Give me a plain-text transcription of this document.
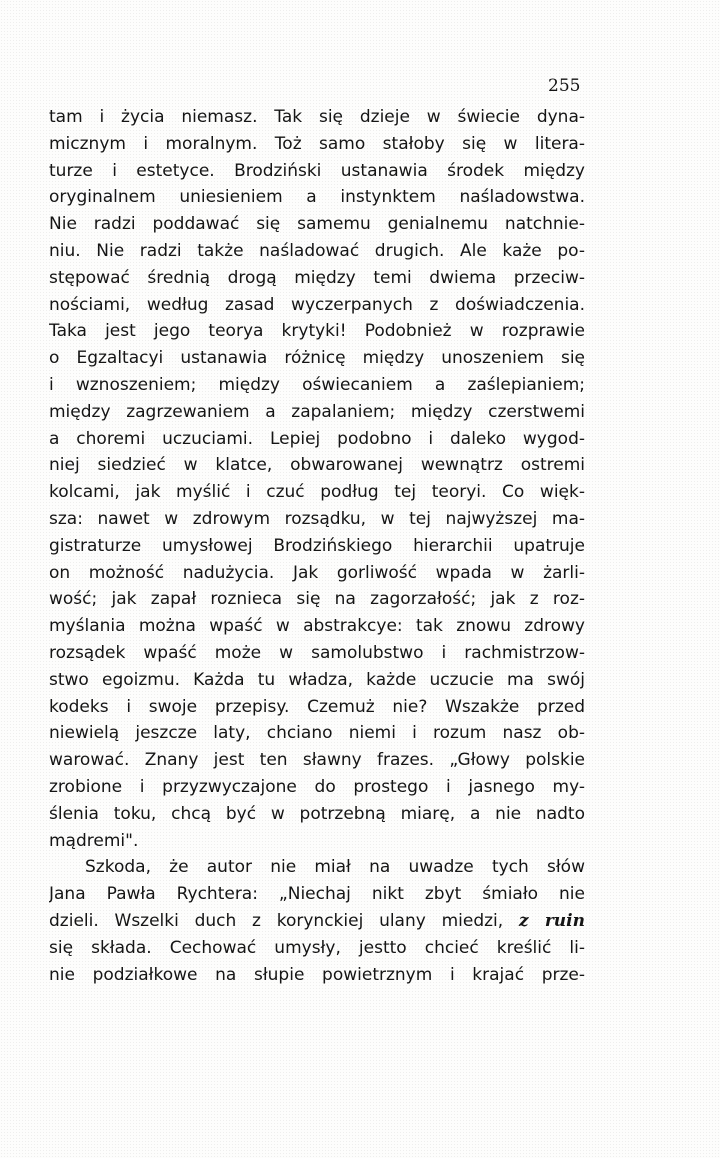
255
tam i życia niemasz. Tak się dzieje w świecie dyna-
micznym i moralnym. Toż samo stałoby się w litera-
turze i estetyce. Brodziński ustanawia środek między
oryginalnem uniesieniem a instynktem naśladowstwa.
Nie radzi poddawać się samemu genialnemu natchnie-
niu. Nie radzi także naśladować drugich. Ale każe po-
stępować średnią drogą między temi dwiema przeciw-
nościami, według zasad wyczerpanych z doświadczenia.
Taka jest jego teorya krytyki! Podobnież w rozprawie
o Egzaltacyi ustanawia różnicę między unoszeniem się
i wznoszeniem; między oświecaniem a zaślepianiem;
między zagrzewaniem a zapalaniem; między czerstwemi
a choremi uczuciami. Lepiej podobno i daleko wygod-
niej siedzieć w klatce, obwarowanej wewnątrz ostremi
kolcami, jak myślić i czuć podług tej teoryi. Co więk-
sza: nawet w zdrowym rozsądku, w tej najwyższej ma-
gistraturze umysłowej Brodzińskiego hierarchii upatruje
on możność nadużycia. Jak gorliwość wpada w żarli-
wość; jak zapał roznieca się na zagorzałość; jak z roz-
myślania można wpaść w abstrakcye: tak znowu zdrowy
rozsądek wpaść może w samolubstwo i rachmistrzow-
stwo egoizmu. Każda tu władza, każde uczucie ma swój
kodeks i swoje przepisy. Czemuż nie? Wszakże przed
niewielą jeszcze laty, chciano niemi i rozum nasz ob-
warować. Znany jest ten sławny frazes. „Głowy polskie
zrobione i przyzwyczajone do prostego i jasnego my-
ślenia toku, chcą być w potrzebną miarę, a nie nadto
mądremi".
Szkoda, że autor nie miał na uwadze tych słów
Jana Pawła Rychtera: „Niechaj nikt zbyt śmiało nie
dzieli. Wszelki duch z korynckiej ulany miedzi, z ruin
się składa. Cechować umysły, jestto chcieć kreślić li-
nie podziałkowe na słupie powietrznym i krajać prze-
